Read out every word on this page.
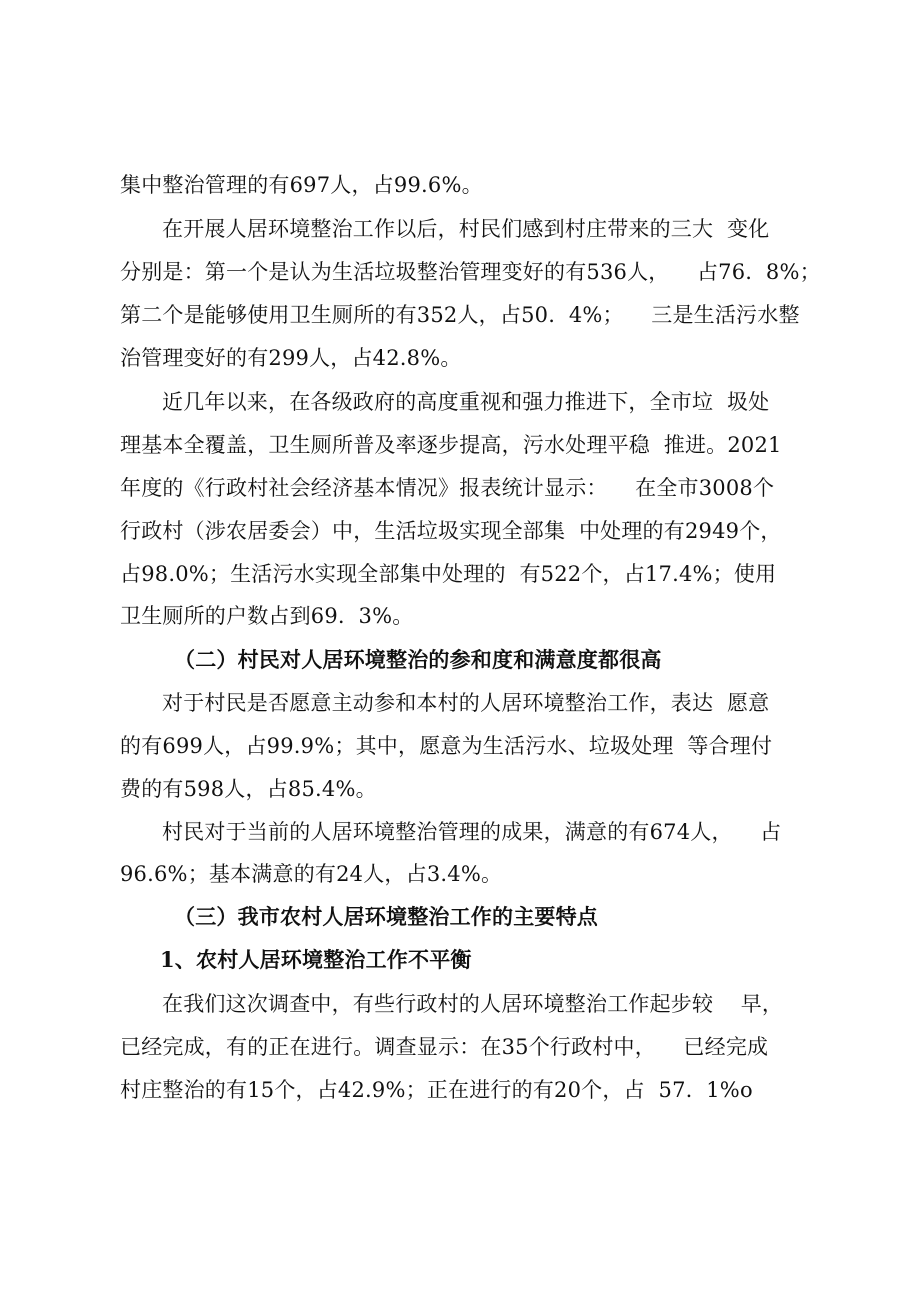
集中整治管理的有697人，占99.6%。
在开展人居环境整治工作以后，村民们感到村庄带来的三大  变化
分别是：第一个是认为生活垃圾整治管理变好的有536人，    占76.  8%；
第二个是能够使用卫生厕所的有352人，占50.  4%；    三是生活污水整
治管理变好的有299人，占42.8%。
近几年以来，在各级政府的高度重视和强力推进下，全市垃  圾处
理基本全覆盖，卫生厕所普及率逐步提高，污水处理平稳  推进。2021
年度的《行政村社会经济基本情况》报表统计显示：    在全市3008个
行政村（涉农居委会）中，生活垃圾实现全部集  中处理的有2949个，
占98.0%；生活污水实现全部集中处理的  有522个，占17.4%；使用
卫生厕所的户数占到69.  3%。
（二）村民对人居环境整治的参和度和满意度都很高
对于村民是否愿意主动参和本村的人居环境整治工作，表达  愿意
的有699人，占99.9%；其中，愿意为生活污水、垃圾处理  等合理付
费的有598人，占85.4%。
村民对于当前的人居环境整治管理的成果，满意的有674人，    占
96.6%；基本满意的有24人，占3.4%。
（三）我市农村人居环境整治工作的主要特点
1、农村人居环境整治工作不平衡
在我们这次调查中，有些行政村的人居环境整治工作起步较    早，
已经完成，有的正在进行。调查显示：在35个行政村中，    已经完成
村庄整治的有15个，占42.9%；正在进行的有20个，占  57.  1%o
